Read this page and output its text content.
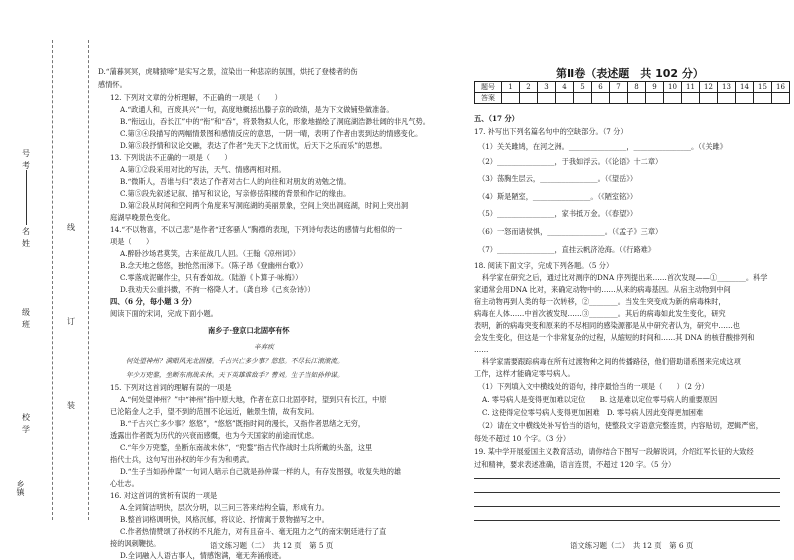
号
考
名
姓
级
班
校
学
乡镇
线
订
装
D.“蒲暮冥冥，虎啸猿啼”是实写之景，渲染出一种悲凉的氛围，烘托了登楼者的伤
感情怀。
12. 下列对文章的分析理解，不正确的一项是（　　）
A.“政通人和，百废具兴”一句，高度地概括出滕子京的政绩，是为下文做铺垫做准备。
B.“衔远山，吞长江”中的“衔”和“吞”，将景物拟人化，形象地描绘了洞庭湖浩渺壮阔的非凡气势。
C.第③④段描写的两幅情景图和感情反应的意思，一阴一晴，表明了作者由衷到达的情感变化。
D.第⑤段抒情和议论交融，表达了作者“先天下之忧而忧，后天下之乐而乐”的思想。
13. 下列说法不正确的一项是（　　）
A.第①②段采用对比的写法，天气、情感两相对照。
B.“微斯人，吾谁与归”表达了作者对古仁人的向往和对朋友的劝勉之情。
C.第⑤段先叙述记叙、描写和议论，写亲修岳阳楼的背景和作记的缘由。
D.第②段从时间和空间两个角度来写洞庭湖的美丽景象，空间上突出洞庭湖，时间上突出洞
庭湖早晚景色变化。
14.“不以物喜，不以己悲”是作者“迁客骚人”胸襟的表现，下列诗句表达的感情与此相似的一
项是（　　）
A.醉卧沙场君莫笑，古来征战几人回。（王翰《凉州词》）
B.念天地之悠悠，独怆然而涕下。（陈子昂《登幽州台歌》）
C.零落成泥碾作尘，只有香如故。（陆游《卜算子·咏梅》）
D.我劝天公重抖擞，不拘一格降人才。（龚自珍《己亥杂诗》）
四、（6 分，每小题 3 分）
阅读下面的宋词，完成下面小题。
南乡子·登京口北固亭有怀
辛弃疾
何处望神州？满眼风光北固楼。千古兴亡多少事？悠悠。不尽长江滚滚流。
年少万兜鍪，坐断东南战未休。天下英雄谁敌手？曹刘。生子当如孙仲谋。
15. 下列对这首词的理解有误的一项是
A.“何处望神州？”中“神州”指中原大地，作者在京口北固亭时，望到只有长江，中原
已沦陷金人之手，望不到的范围不论远近，触景生情，故有发问。
B.“千古兴亡多少事？悠悠”，“悠悠”既指时间的漫长，又指作者思绪之无穷，
透露出作者既为历代的兴衰而感慨，也为今天国家的前途而忧虑。
C.“年少万兜鍪，坐断东南战未休”，“兜鍪”指古代作战时士兵所戴的头盔，这里
指代士兵，这句写出孙权的年少有为和勇武。
D.“生子当如孙仲谋”一句词人暗示自己就是孙仲谋一样的人，有存发图强，收复失地的雄
心壮志。
16. 对这首词的赏析有误的一项是
A.全词简洁明快，层次分明，以三问三答来结构全篇，形成有力。
B.整首词格调明快，风格沉郁，将议论、抒情寓于景物描写之中。
C.作者热情赞颂了孙权的不凡能力，对有且奋斗、毫无阻力之气的南宋朝廷进行了直
接的讽刺鞭挞。
D.全词融入人语古事人，情感饱满，毫无奔涌痕迹。
语文练习题（二）　共 12 页　第 5 页
第Ⅱ卷（表述题　共 102 分）
题号	1	2	3	4	5	6	7	8	9	10	11	12	13	14	15	16
答案																
五、（17 分）
17. 补写出下列名篇名句中的空缺部分。（7 分）
（1）关关雎鸠，在河之洲。________________，________________。（《关雎》
（2）________________，于我如浮云。（《论语》十二章）
（3）荡胸生层云，________________。（《望岳》）
（4）斯是陋室，________________。（《陋室铭》）
（5）________________，家书抵万金。（《春望》）
（6）一怒而诸侯惧，________________。（《孟子》三章）
（7）________________，直挂云帆济沧海。（《行路难》
18. 阅读下面文字，完成下列各题。（5 分）
科学家在研究之后，通过比对测序的DNA 序列提出来……首次发现——①________。科学
家通常会用DNA 比对，来确定动物中的……从来的病毒基因。从宿主动物到中间
宿主动物再到人类的每一次转移，②________。当发生突变成为新的病毒株时，
病毒在人体……中首次被发现……③________。其后的病毒如此发生变化，研究
表明，新的病毒突变和原来的不尽相同的感染源都是从中研究者认为，研究中……也
会发生变化，但这是一个非常复杂的过程，从缩短的时间和……其 DNA 的核苷酸排列和
……
科学家需要跟踪病毒在所有过渡物种之间的传播路径，他们借助谱系图来完成这项
工作，这样才能确定零号病人。
（1）下列填入文中横线处的语句，排序最恰当的一项是（　　）（2 分）
A. 零号病人是变得更加难以定位　　B. 这是难以定位零号病人的重要原因
C. 这使得定位零号病人变得更加困难　D. 零号病人因此变得更加困难
（2）请在文中横线处补写恰当的语句，使整段文字语意完整连贯，内容贴切，逻辑严密，
每处不超过 10 个字。（3 分）
19. 某中学开展爱国主义教育活动，请你结合下图写一段解说词，介绍红军长征的大致经
过和精神，要求表述准确，语言连贯，不超过 120 字。（5 分）
语文练习题（二）　共 12 页　第 6 页
